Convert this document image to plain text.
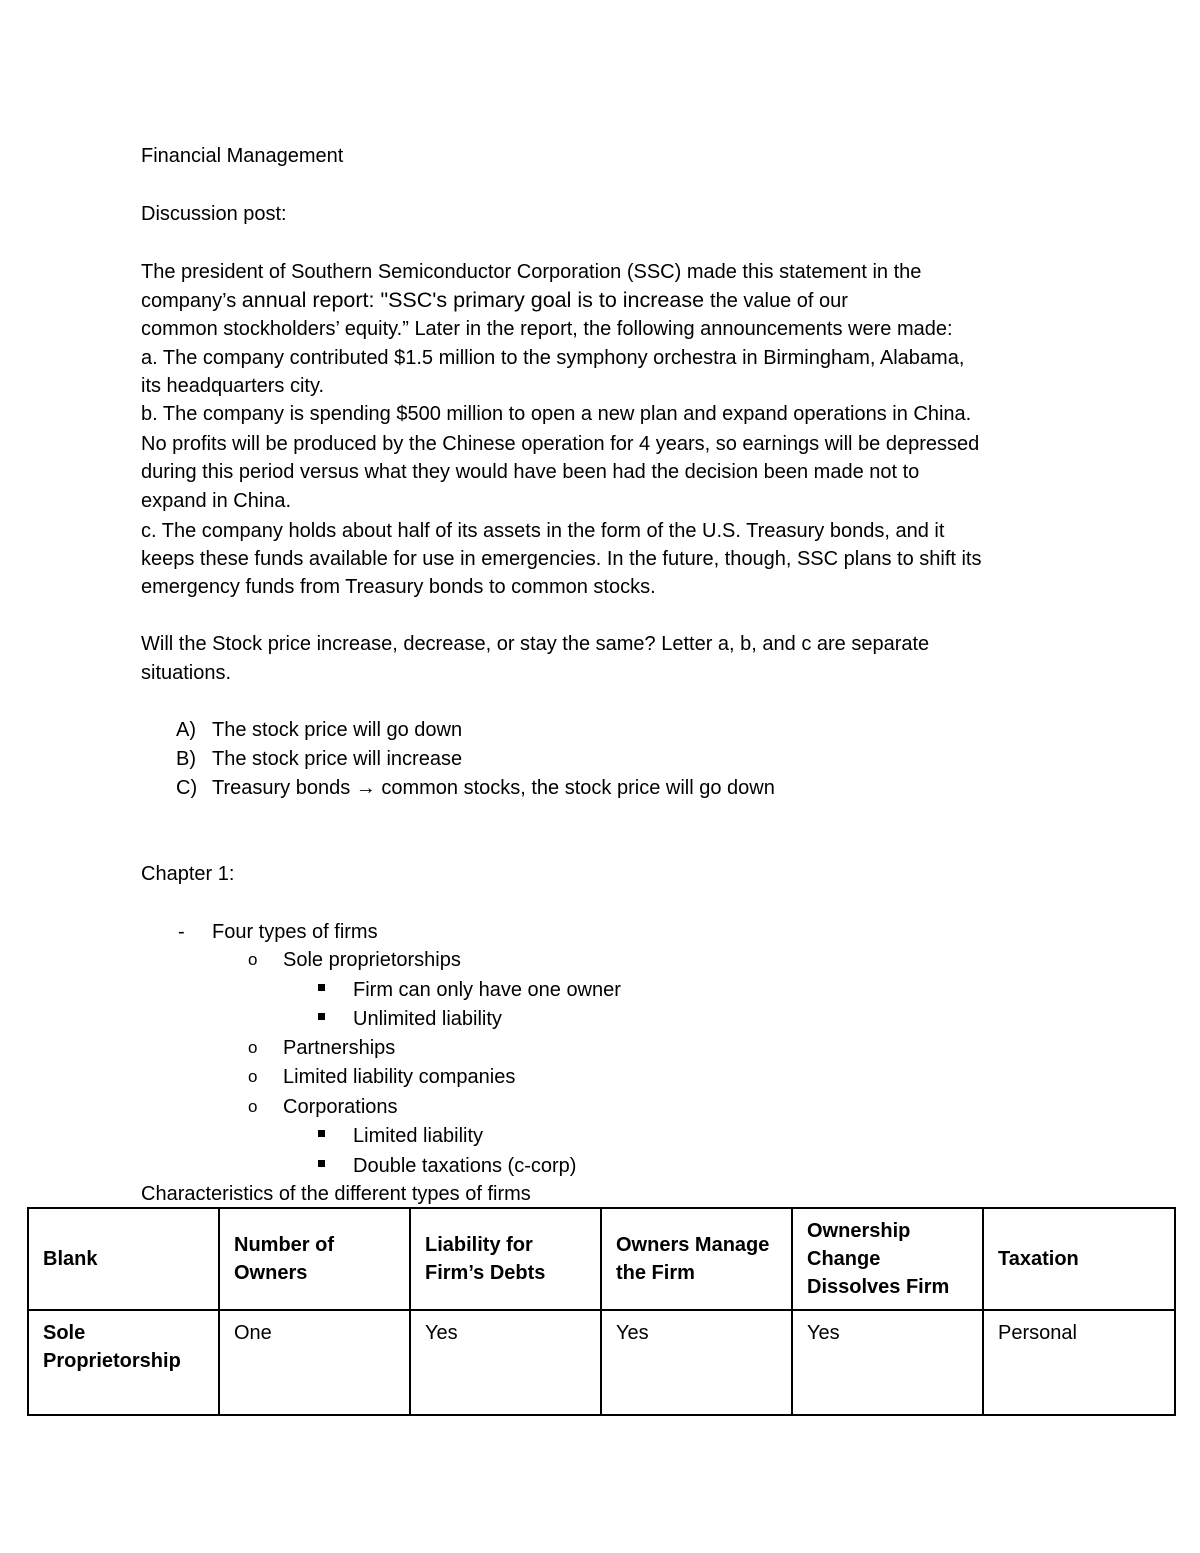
Financial Management
Discussion post:
The president of Southern Semiconductor Corporation (SSC) made this statement in the
company’s annual report: "SSC's primary goal is to increase the value of our
common stockholders’ equity.” Later in the report, the following announcements were made:
a. The company contributed $1.5 million to the symphony orchestra in Birmingham, Alabama,
its headquarters city.
b. The company is spending $500 million to open a new plan and expand operations in China.
No profits will be produced by the Chinese operation for 4 years, so earnings will be depressed
during this period versus what they would have been had the decision been made not to
expand in China.
c. The company holds about half of its assets in the form of the U.S. Treasury bonds, and it
keeps these funds available for use in emergencies. In the future, though, SSC plans to shift its
emergency funds from Treasury bonds to common stocks.
Will the Stock price increase, decrease, or stay the same? Letter a, b, and c are separate
situations.
A) The stock price will go down
B) The stock price will increase
C) Treasury bonds → common stocks, the stock price will go down
Chapter 1:
- Four types of firms
o Sole proprietorships
Firm can only have one owner
Unlimited liability
o Partnerships
o Limited liability companies
o Corporations
Limited liability
Double taxations (c-corp)
Characteristics of the different types of firms
Blank	Number of Owners	Liability for Firm’s Debts	Owners Manage the Firm	Ownership Change Dissolves Firm	Taxation
Sole Proprietorship	One	Yes	Yes	Yes	Personal
